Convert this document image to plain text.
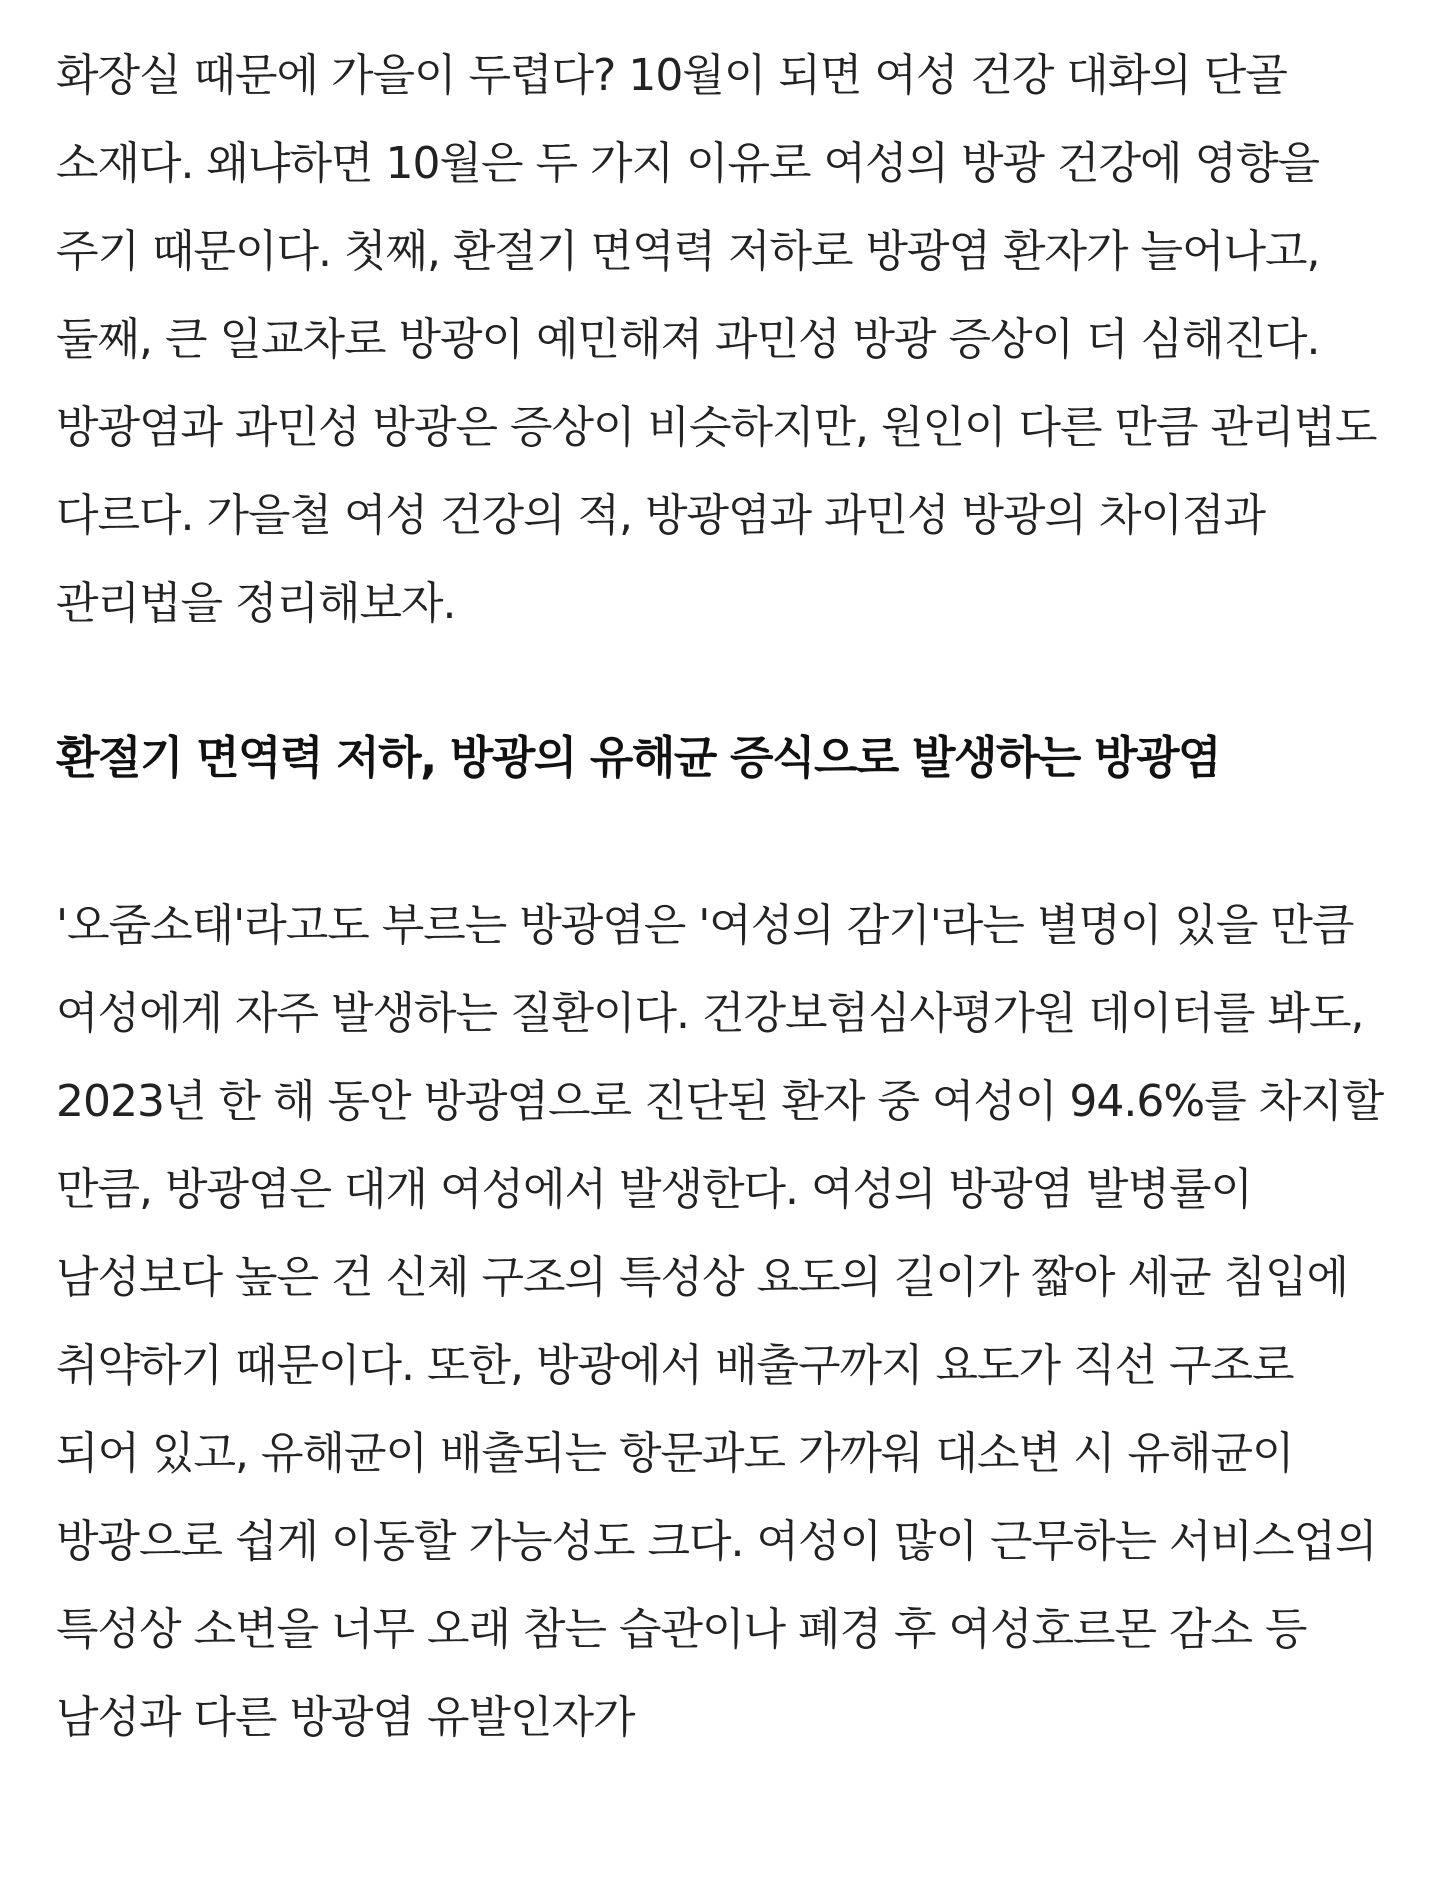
화장실 때문에 가을이 두렵다? 10월이 되면 여성 건강 대화의 단골 소재다. 왜냐하면 10월은 두 가지 이유로 여성의 방광 건강에 영향을 주기 때문이다. 첫째, 환절기 면역력 저하로 방광염 환자가 늘어나고, 둘째, 큰 일교차로 방광이 예민해져 과민성 방광 증상이 더 심해진다. 방광염과 과민성 방광은 증상이 비슷하지만, 원인이 다른 만큼 관리법도 다르다. 가을철 여성 건강의 적, 방광염과 과민성 방광의 차이점과 관리법을 정리해보자.

환절기 면역력 저하, 방광의 유해균 증식으로 발생하는 방광염

'오줌소태'라고도 부르는 방광염은 '여성의 감기'라는 별명이 있을 만큼 여성에게 자주 발생하는 질환이다. 건강보험심사평가원 데이터를 봐도, 2023년 한 해 동안 방광염으로 진단된 환자 중 여성이 94.6%를 차지할 만큼, 방광염은 대개 여성에서 발생한다. 여성의 방광염 발병률이 남성보다 높은 건 신체 구조의 특성상 요도의 길이가 짧아 세균 침입에 취약하기 때문이다. 또한, 방광에서 배출구까지 요도가 직선 구조로 되어 있고, 유해균이 배출되는 항문과도 가까워 대소변 시 유해균이 방광으로 쉽게 이동할 가능성도 크다. 여성이 많이 근무하는 서비스업의 특성상 소변을 너무 오래 참는 습관이나 폐경 후 여성호르몬 감소 등 남성과 다른 방광염 유발인자가
